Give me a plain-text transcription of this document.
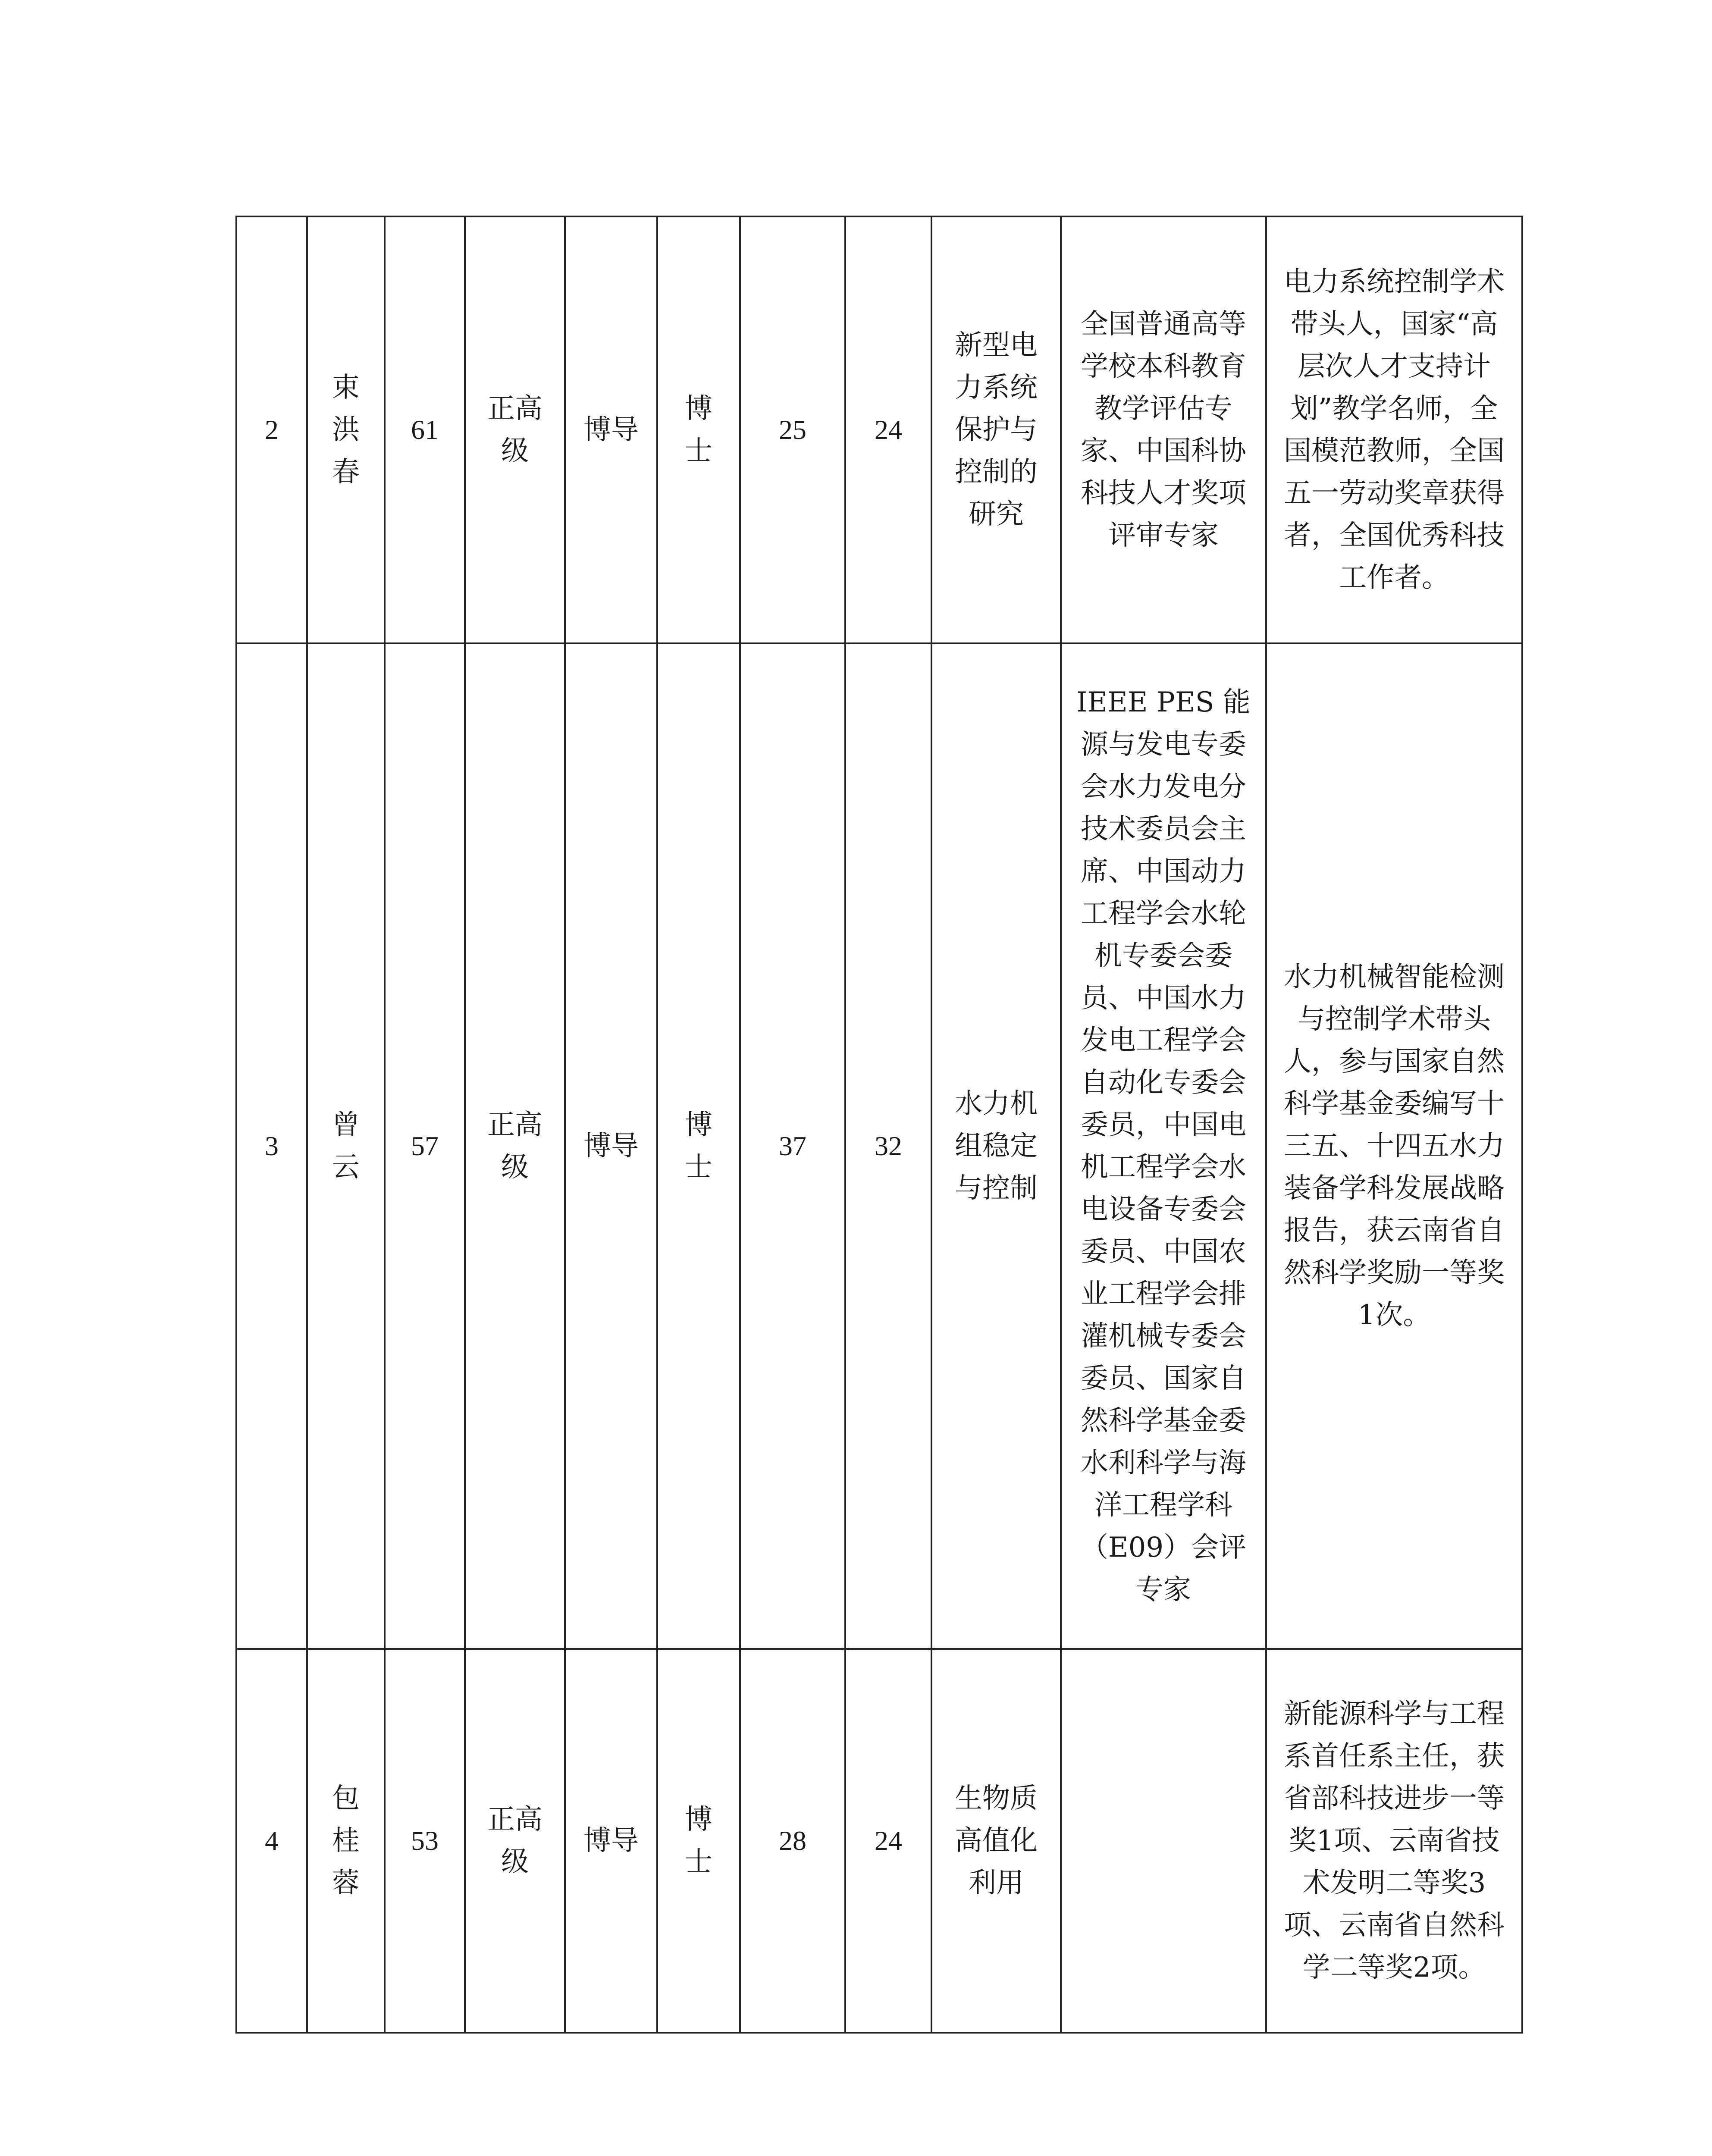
2	束洪春	61	正高级	博导	博士	25	24	新型电力系统保护与控制的研究	全国普通高等学校本科教育教学评估专家、中国科协科技人才奖项评审专家	电力系统控制学术带头人，国家“高层次人才支持计划”教学名师，全国模范教师，全国五一劳动奖章获得者，全国优秀科技工作者。

3	曾云	57	正高级	博导	博士	37	32	水力机组稳定与控制	IEEE PES 能源与发电专委会水力发电分技术委员会主席、中国动力工程学会水轮机专委会委员、中国水力发电工程学会自动化专委会委员，中国电机工程学会水电设备专委会委员、中国农业工程学会排灌机械专委会委员、国家自然科学基金委水利科学与海洋工程学科（E09）会评专家	水力机械智能检测与控制学术带头人，参与国家自然科学基金委编写十三五、十四五水力装备学科发展战略报告，获云南省自然科学奖励一等奖1次。

4	包桂蓉	53	正高级	博导	博士	28	24	生物质高值化利用		新能源科学与工程系首任系主任，获省部科技进步一等奖1项、云南省技术发明二等奖3项、云南省自然科学二等奖2项。
